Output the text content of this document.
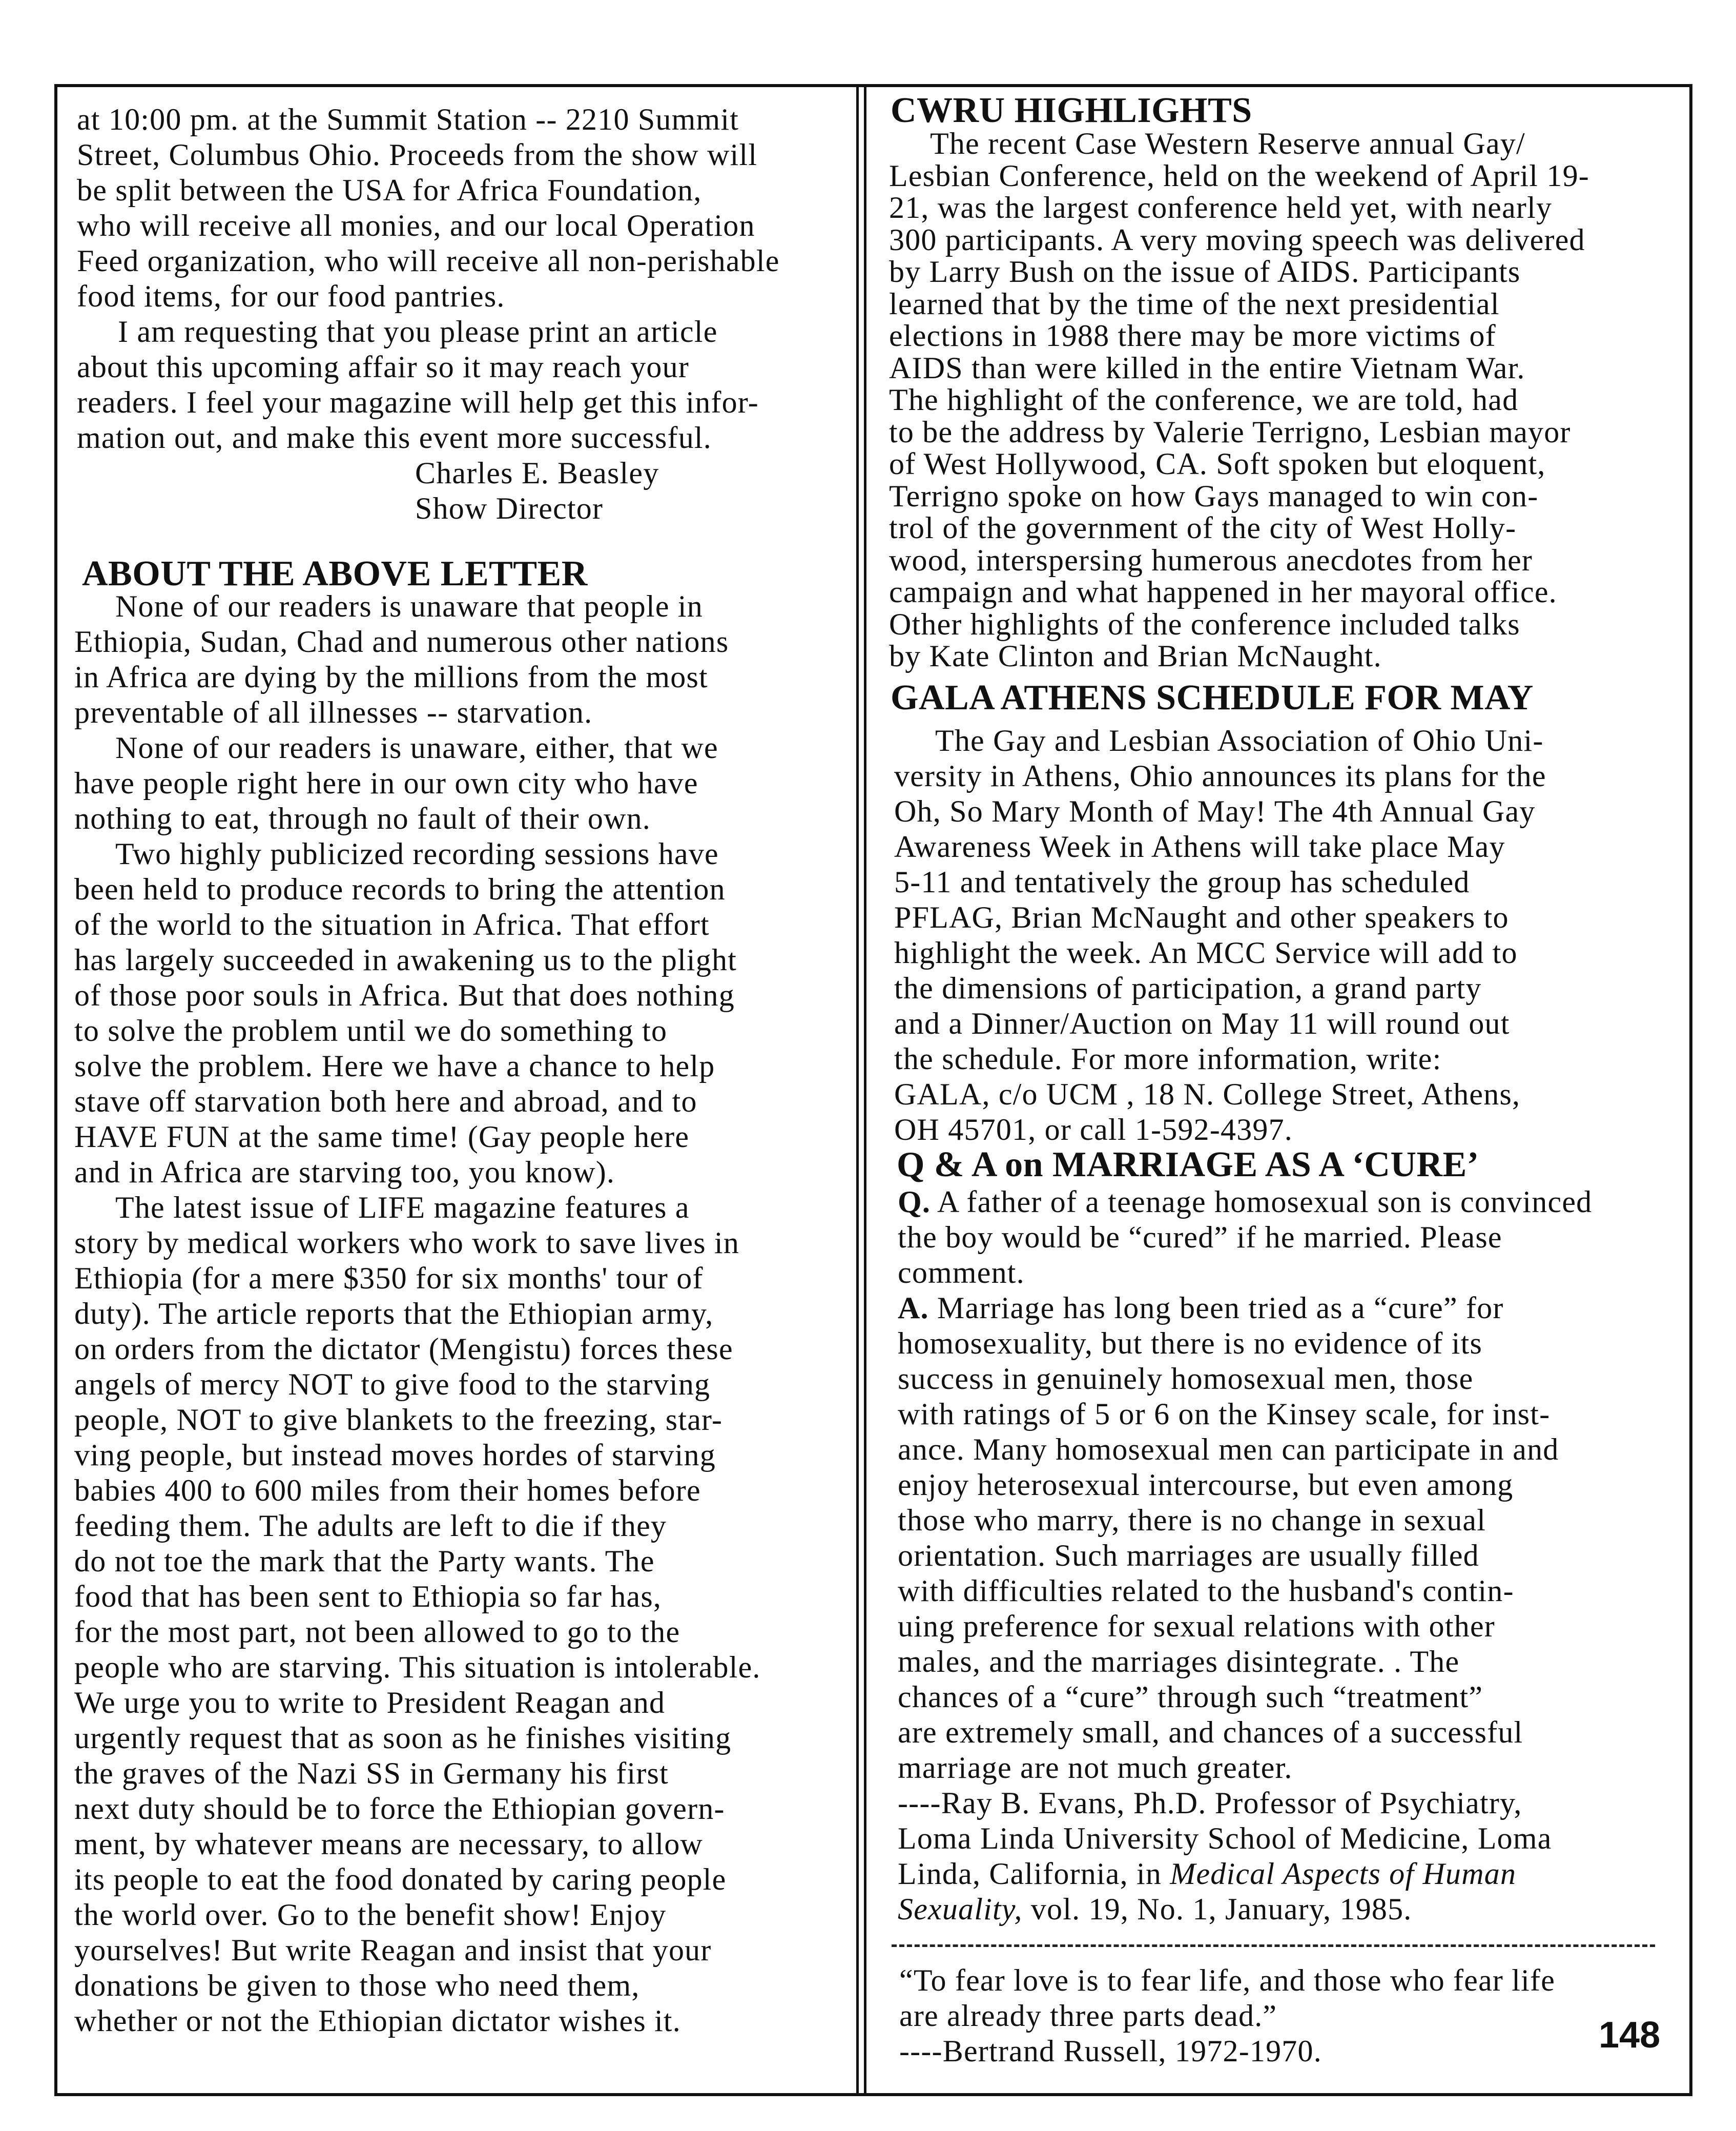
at 10:00 pm. at the Summit Station -- 2210 Summit
Street, Columbus Ohio. Proceeds from the show will
be split between the USA for Africa Foundation,
who will receive all monies, and our local Operation
Feed organization, who will receive all non-perishable
food items, for our food pantries.
I am requesting that you please print an article
about this upcoming affair so it may reach your
readers. I feel your magazine will help get this infor-
mation out, and make this event more successful.
Charles E. Beasley
Show Director
ABOUT THE ABOVE LETTER
None of our readers is unaware that people in
Ethiopia, Sudan, Chad and numerous other nations
in Africa are dying by the millions from the most
preventable of all illnesses -- starvation.
None of our readers is unaware, either, that we
have people right here in our own city who have
nothing to eat, through no fault of their own.
Two highly publicized recording sessions have
been held to produce records to bring the attention
of the world to the situation in Africa. That effort
has largely succeeded in awakening us to the plight
of those poor souls in Africa. But that does nothing
to solve the problem until we do something to
solve the problem. Here we have a chance to help
stave off starvation both here and abroad, and to
HAVE FUN at the same time! (Gay people here
and in Africa are starving too, you know).
The latest issue of LIFE magazine features a
story by medical workers who work to save lives in
Ethiopia (for a mere $350 for six months' tour of
duty). The article reports that the Ethiopian army,
on orders from the dictator (Mengistu) forces these
angels of mercy NOT to give food to the starving
people, NOT to give blankets to the freezing, star-
ving people, but instead moves hordes of starving
babies 400 to 600 miles from their homes before
feeding them. The adults are left to die if they
do not toe the mark that the Party wants. The
food that has been sent to Ethiopia so far has,
for the most part, not been allowed to go to the
people who are starving. This situation is intolerable.
We urge you to write to President Reagan and
urgently request that as soon as he finishes visiting
the graves of the Nazi SS in Germany his first
next duty should be to force the Ethiopian govern-
ment, by whatever means are necessary, to allow
its people to eat the food donated by caring people
the world over. Go to the benefit show! Enjoy
yourselves! But write Reagan and insist that your
donations be given to those who need them,
whether or not the Ethiopian dictator wishes it.
CWRU HIGHLIGHTS
The recent Case Western Reserve annual Gay/
Lesbian Conference, held on the weekend of April 19-
21, was the largest conference held yet, with nearly
300 participants. A very moving speech was delivered
by Larry Bush on the issue of AIDS. Participants
learned that by the time of the next presidential
elections in 1988 there may be more victims of
AIDS than were killed in the entire Vietnam War.
The highlight of the conference, we are told, had
to be the address by Valerie Terrigno, Lesbian mayor
of West Hollywood, CA. Soft spoken but eloquent,
Terrigno spoke on how Gays managed to win con-
trol of the government of the city of West Holly-
wood, interspersing humerous anecdotes from her
campaign and what happened in her mayoral office.
Other highlights of the conference included talks
by Kate Clinton and Brian McNaught.
GALA ATHENS SCHEDULE FOR MAY
The Gay and Lesbian Association of Ohio Uni-
versity in Athens, Ohio announces its plans for the
Oh, So Mary Month of May! The 4th Annual Gay
Awareness Week in Athens will take place May
5-11 and tentatively the group has scheduled
PFLAG, Brian McNaught and other speakers to
highlight the week. An MCC Service will add to
the dimensions of participation, a grand party
and a Dinner/Auction on May 11 will round out
the schedule. For more information, write:
GALA, c/o UCM , 18 N. College Street, Athens,
OH 45701, or call 1-592-4397.
Q & A on MARRIAGE AS A ‘CURE’
Q. A father of a teenage homosexual son is convinced
the boy would be “cured” if he married. Please
comment.
A. Marriage has long been tried as a “cure” for
homosexuality, but there is no evidence of its
success in genuinely homosexual men, those
with ratings of 5 or 6 on the Kinsey scale, for inst-
ance. Many homosexual men can participate in and
enjoy heterosexual intercourse, but even among
those who marry, there is no change in sexual
orientation. Such marriages are usually filled
with difficulties related to the husband's contin-
uing preference for sexual relations with other
males, and the marriages disintegrate. . The
chances of a “cure” through such “treatment”
are extremely small, and chances of a successful
marriage are not much greater.
----Ray B. Evans, Ph.D. Professor of Psychiatry,
Loma Linda University School of Medicine, Loma
Linda, California, in Medical Aspects of Human
Sexuality, vol. 19, No. 1, January, 1985.
“To fear love is to fear life, and those who fear life
are already three parts dead.”
----Bertrand Russell, 1972-1970.	148
